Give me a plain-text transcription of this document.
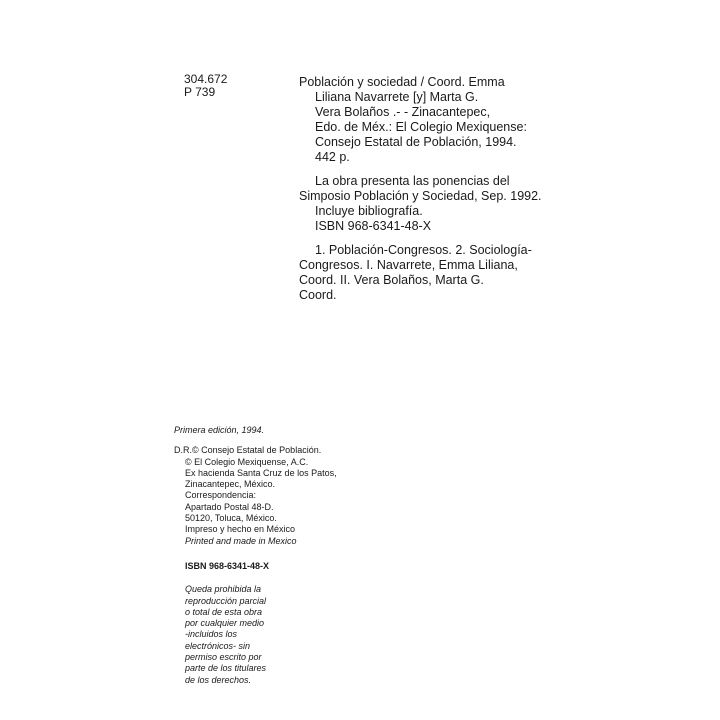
304.672
P 739
Población y sociedad / Coord. Emma
Liliana Navarrete [y] Marta G.
Vera Bolaños .- - Zinacantepec,
Edo. de Méx.: El Colegio Mexiquense:
Consejo Estatal de Población, 1994.
442 p.
La obra presenta las ponencias del
Simposio Población y Sociedad, Sep. 1992.
Incluye bibliografía.
ISBN 968-6341-48-X
1. Población-Congresos. 2. Sociología-
Congresos. I. Navarrete, Emma Liliana,
Coord. II. Vera Bolaños, Marta G.
Coord.
Primera edición, 1994.
D.R.© Consejo Estatal de Población.
© El Colegio Mexiquense, A.C.
Ex hacienda Santa Cruz de los Patos,
Zinacantepec, México.
Correspondencia:
Apartado Postal 48-D.
50120, Toluca, México.
Impreso y hecho en México
Printed and made in Mexico
ISBN 968-6341-48-X
Queda prohibida la
reproducción parcial
o total de esta obra
por cualquier medio
-incluidos los
electrónicos- sin
permiso escrito por
parte de los titulares
de los derechos.
